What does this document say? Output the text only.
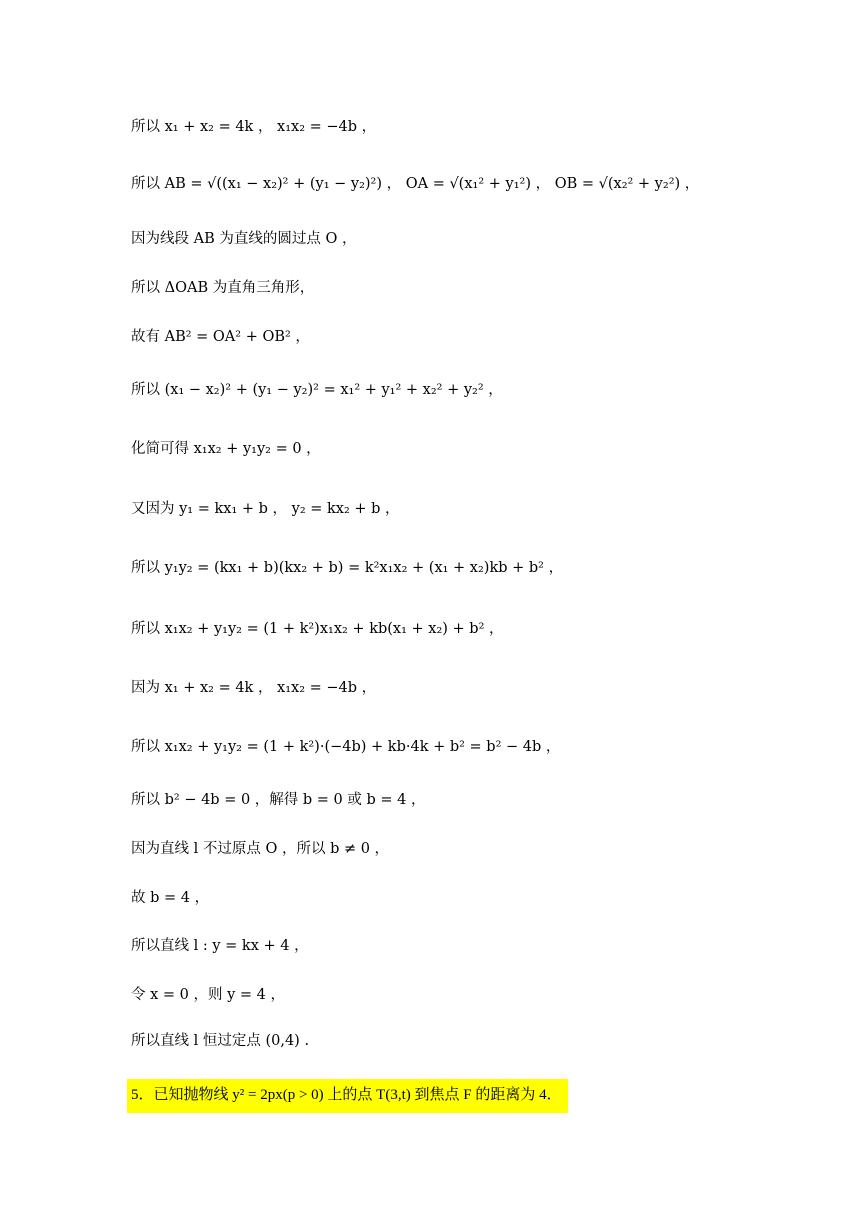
所以 x₁ + x₂ = 4k ， x₁x₂ = −4b ，
所以 AB = √((x₁ − x₂)² + (y₁ − y₂)²) ， OA = √(x₁² + y₁²) ， OB = √(x₂² + y₂²) ，
因为线段 AB 为直线的圆过点 O ，
所以 ΔOAB 为直角三角形，
故有 AB² = OA² + OB² ，
所以 (x₁ − x₂)² + (y₁ − y₂)² = x₁² + y₁² + x₂² + y₂² ，
化简可得 x₁x₂ + y₁y₂ = 0 ，
又因为 y₁ = kx₁ + b ， y₂ = kx₂ + b ，
所以 y₁y₂ = (kx₁ + b)(kx₂ + b) = k²x₁x₂ + (x₁ + x₂)kb + b² ，
所以 x₁x₂ + y₁y₂ = (1 + k²)x₁x₂ + kb(x₁ + x₂) + b² ，
因为 x₁ + x₂ = 4k ， x₁x₂ = −4b ，
所以 x₁x₂ + y₁y₂ = (1 + k²)·(−4b) + kb·4k + b² = b² − 4b ，
所以 b² − 4b = 0 ，解得 b = 0 或 b = 4 ，
因为直线 l 不过原点 O ，所以 b ≠ 0 ，
故 b = 4 ，
所以直线 l : y = kx + 4 ，
令 x = 0 ，则 y = 4 ，
所以直线 l 恒过定点 (0,4) .
5．已知抛物线 y² = 2px(p > 0) 上的点 T(3,t) 到焦点 F 的距离为 4．
